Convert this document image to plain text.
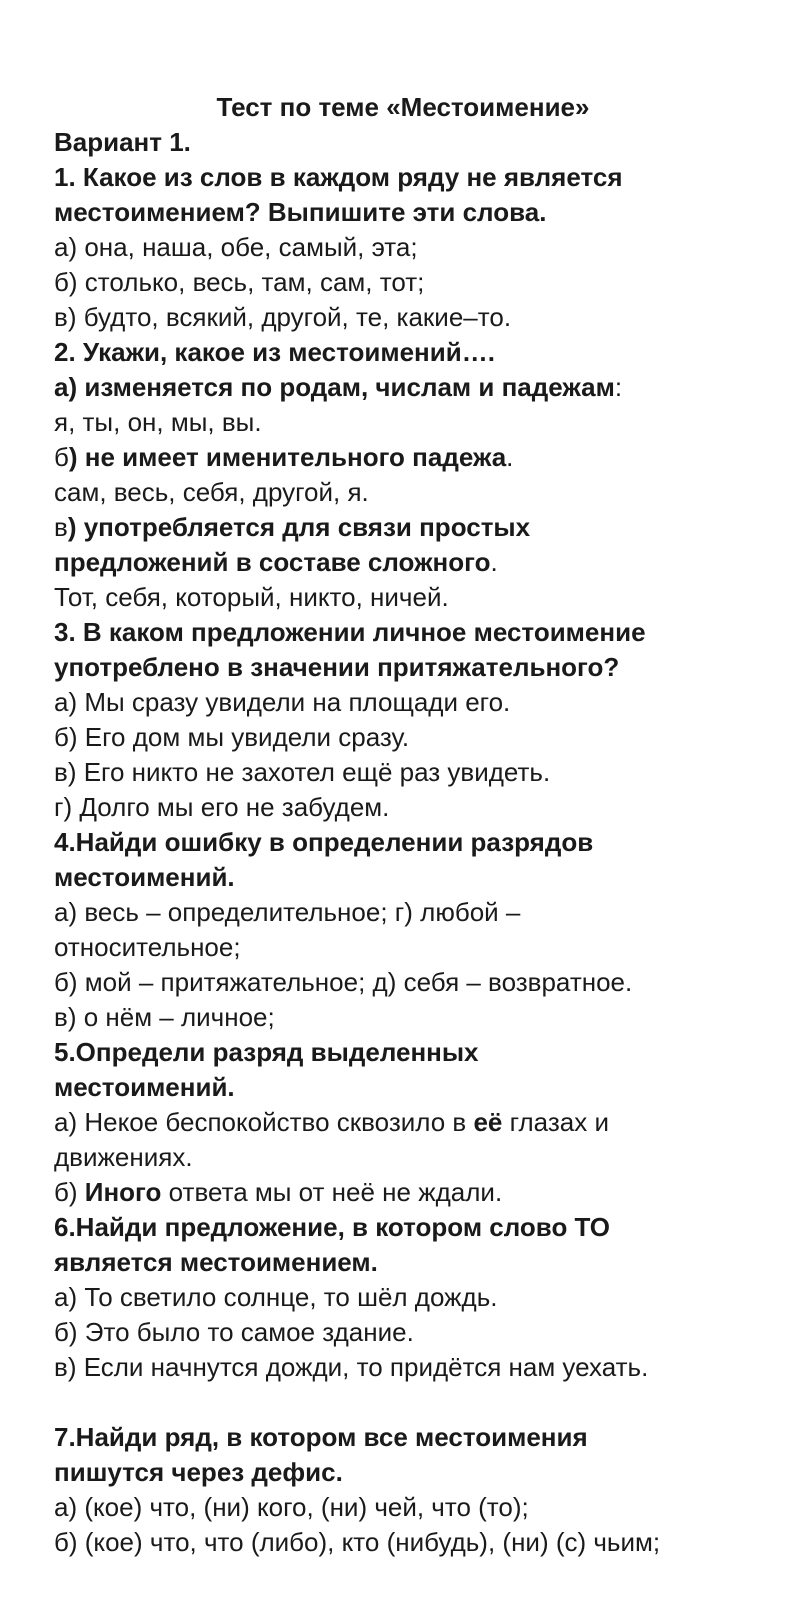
Тест по теме «Местоимение»
Вариант 1.
1. Какое из слов в каждом ряду не является
местоимением? Выпишите эти слова.
а) она, наша, обе, самый, эта;
б) столько, весь, там, сам, тот;
в) будто, всякий, другой, те, какие–то.
2. Укажи, какое из местоимений….
а) изменяется по родам, числам и падежам:
я, ты, он, мы, вы.
б) не имеет именительного падежа.
сам, весь, себя, другой, я.
в) употребляется для связи простых
предложений в составе сложного.
Тот, себя, который, никто, ничей.
3. В каком предложении личное местоимение
употреблено в значении притяжательного?
а) Мы сразу увидели на площади его.
б) Его дом мы увидели сразу.
в) Его никто не захотел ещё раз увидеть.
г) Долго мы его не забудем.
4.Найди ошибку в определении разрядов
местоимений.
а) весь – определительное; г) любой –
относительное;
б) мой – притяжательное; д) себя – возвратное.
в) о нём – личное;
5.Определи разряд выделенных
местоимений.
а) Некое беспокойство сквозило в её глазах и
движениях.
б) Иного ответа мы от неё не ждали.
6.Найди предложение, в котором слово ТО
является местоимением.
а) То светило солнце, то шёл дождь.
б) Это было то самое здание.
в) Если начнутся дожди, то придётся нам уехать.
7.Найди ряд, в котором все местоимения
пишутся через дефис.
а) (кое) что, (ни) кого, (ни) чей, что (то);
б) (кое) что, что (либо), кто (нибудь), (ни) (с) чьим;
